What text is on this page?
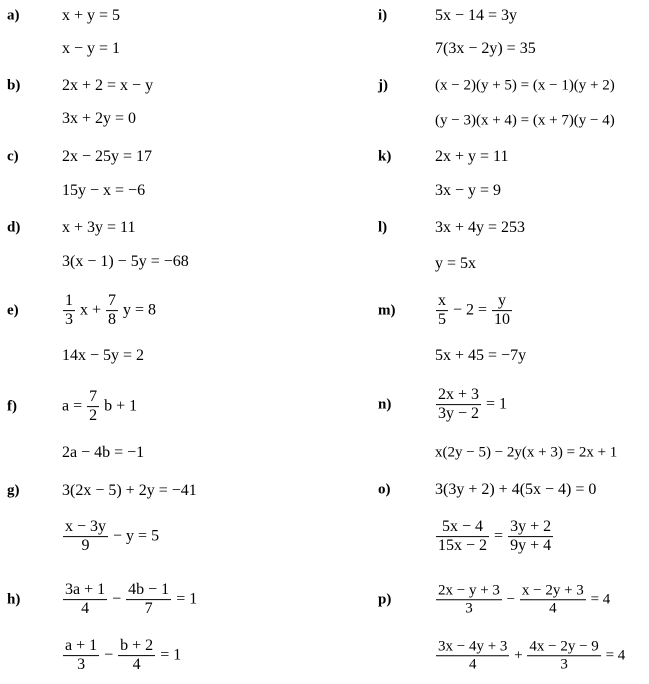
a)	x + y = 5
x − y = 1
b)	2x + 2 = x − y
3x + 2y = 0
c)	2x − 25y = 17
15y − x = −6
d)	x + 3y = 11
3(x − 1) − 5y = −68
e)	$\frac{1}{3}$ $x + \frac{7}{8}$ y = 8
14x − 5y = 2
f)	$a = \frac{7}{2}$ b + 1
2a − 4b = −1
g)	3(2x − 5) + 2y = −41
$\frac{x - 3y}{9} - y = 5$
h)	$\frac{3a + 1}{4} - \frac{4b - 1}{7} = 1$
$\frac{a + 1}{3} - \frac{b + 2}{4} = 1$
i)	5x − 14 = 3y
7(3x − 2y) = 35
j)	(x − 2)(y + 5) = (x − 1)(y + 2)
(y − 3)(x + 4) = (x + 7)(y − 4)
k)	2x + y = 11
3x − y = 9
l)	3x + 4y = 253
y = 5x
m)	$\frac{x}{5} - 2 = \frac{y}{10}$
5x + 45 = −7y
n)	$\frac{2x + 3}{3y - 2} = 1$
x(2y − 5) − 2y(x + 3) = 2x + 1
o)	3(3y + 2) + 4(5x − 4) = 0
$\frac{5x - 4}{15x - 2} = \frac{3y + 2}{9y + 4}$
p)	$\frac{2x - y + 3}{3} - \frac{x - 2y + 3}{4} = 4$
$\frac{3x - 4y + 3}{4} + \frac{4x - 2y - 9}{3} = 4$
